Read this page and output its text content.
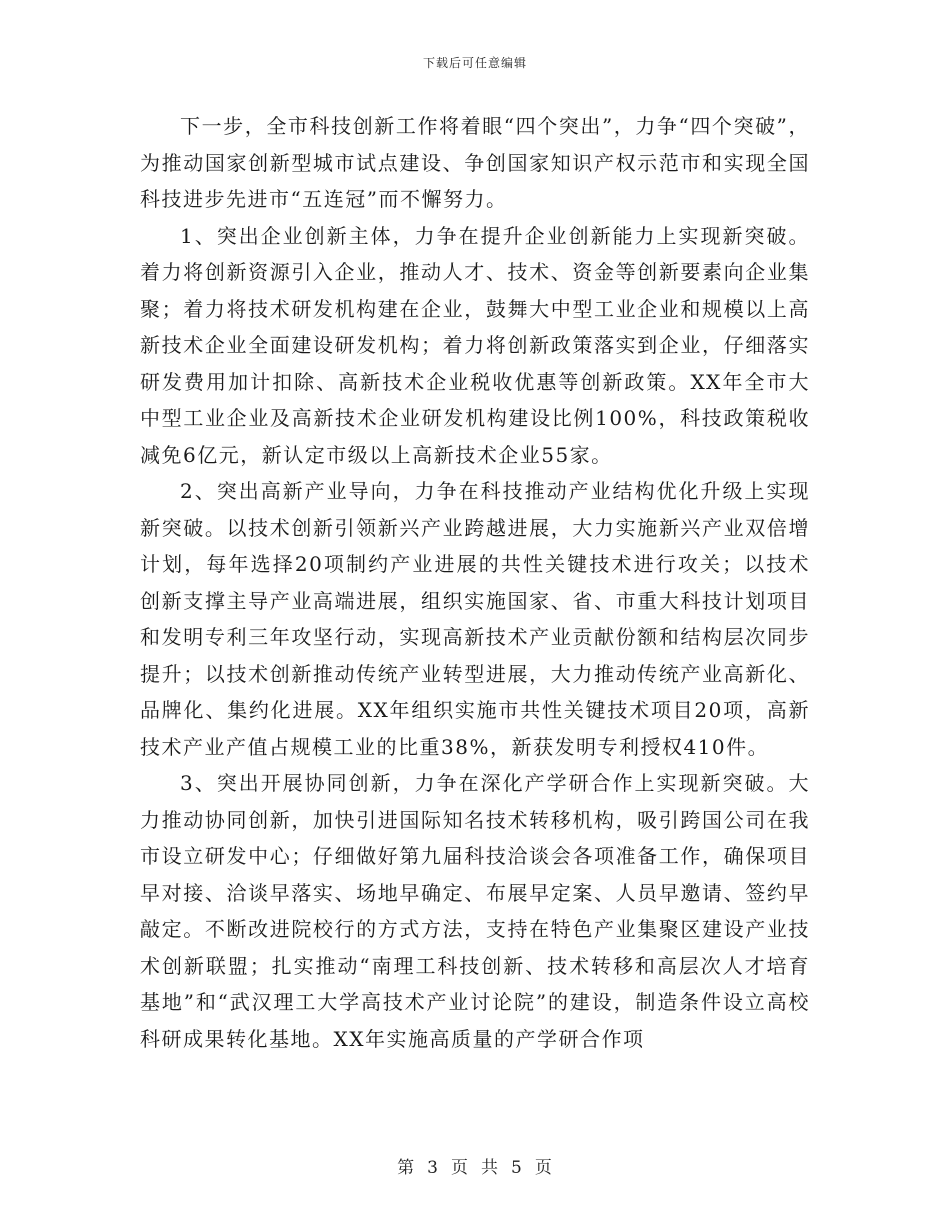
下载后可任意编辑

下一步，全市科技创新工作将着眼“四个突出”，力争“四个突破”，为推动国家创新型城市试点建设、争创国家知识产权示范市和实现全国科技进步先进市“五连冠”而不懈努力。

1、突出企业创新主体，力争在提升企业创新能力上实现新突破。着力将创新资源引入企业，推动人才、技术、资金等创新要素向企业集聚；着力将技术研发机构建在企业，鼓舞大中型工业企业和规模以上高新技术企业全面建设研发机构；着力将创新政策落实到企业，仔细落实研发费用加计扣除、高新技术企业税收优惠等创新政策。XX年全市大中型工业企业及高新技术企业研发机构建设比例100%，科技政策税收减免6亿元，新认定市级以上高新技术企业55家。

2、突出高新产业导向，力争在科技推动产业结构优化升级上实现新突破。以技术创新引领新兴产业跨越进展，大力实施新兴产业双倍增计划，每年选择20项制约产业进展的共性关键技术进行攻关；以技术创新支撑主导产业高端进展，组织实施国家、省、市重大科技计划项目和发明专利三年攻坚行动，实现高新技术产业贡献份额和结构层次同步提升；以技术创新推动传统产业转型进展，大力推动传统产业高新化、品牌化、集约化进展。XX年组织实施市共性关键技术项目20项，高新技术产业产值占规模工业的比重38%，新获发明专利授权410件。

3、突出开展协同创新，力争在深化产学研合作上实现新突破。大力推动协同创新，加快引进国际知名技术转移机构，吸引跨国公司在我市设立研发中心；仔细做好第九届科技洽谈会各项准备工作，确保项目早对接、洽谈早落实、场地早确定、布展早定案、人员早邀请、签约早敲定。不断改进院校行的方式方法，支持在特色产业集聚区建设产业技术创新联盟；扎实推动“南理工科技创新、技术转移和高层次人才培育基地”和“武汉理工大学高技术产业讨论院”的建设，制造条件设立高校科研成果转化基地。XX年实施高质量的产学研合作项

第 3 页 共 5 页
